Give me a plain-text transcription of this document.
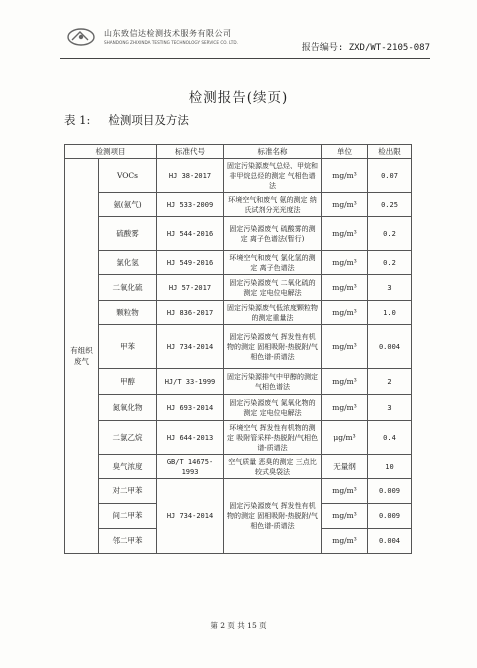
山东致信达检测技术服务有限公司
SHANDONG ZHIXINDA TESTING TECHNOLOGY SERVICE CO. LTD.
报告编号: ZXD/WT-2105-087
检测报告(续页)
表 1: 检测项目及方法
检测项目		标准代号	标准名称	单位	检出限

有组织废气	VOCs	HJ 38-2017	固定污染源废气总烃、甲烷和非甲烷总烃的测定 气相色谱法	mg/m³	0.07
	氨(氨气)	HJ 533-2009	环境空气和废气 氨的测定 纳氏试剂分光光度法	mg/m³	0.25
	硫酸雾	HJ 544-2016	固定污染源废气 硫酸雾的测定 离子色谱法(暂行)	mg/m³	0.2
	氯化氢	HJ 549-2016	环境空气和废气 氯化氢的测定 离子色谱法	mg/m³	0.2
	二氧化硫	HJ 57-2017	固定污染源废气 二氧化硫的测定 定电位电解法	mg/m³	3
	颗粒物	HJ 836-2017	固定污染源废气低浓度颗粒物的测定重量法	mg/m³	1.0
	甲苯	HJ 734-2014	固定污染源废气 挥发性有机物的测定 固相吸附-热脱附/气相色谱-质谱法	mg/m³	0.004
	甲醇	HJ/T 33-1999	固定污染源排气中甲醇的测定 气相色谱法	mg/m³	2
	氮氧化物	HJ 693-2014	固定污染源废气 氮氧化物的测定 定电位电解法	mg/m³	3
	二氯乙烷	HJ 644-2013	环境空气 挥发性有机物的测定 吸附管采样-热脱附/气相色谱-质谱法	μg/m³	0.4
	臭气浓度	GB/T 14675-1993	空气质量 恶臭的测定 三点比较式臭袋法	无量纲	10
	对二甲苯	HJ 734-2014	固定污染源废气 挥发性有机物的测定 固相吸附-热脱附/气相色谱-质谱法	mg/m³	0.009
	间二甲苯			mg/m³	0.009
	邻二甲苯			mg/m³	0.004
第 2 页 共 15 页
